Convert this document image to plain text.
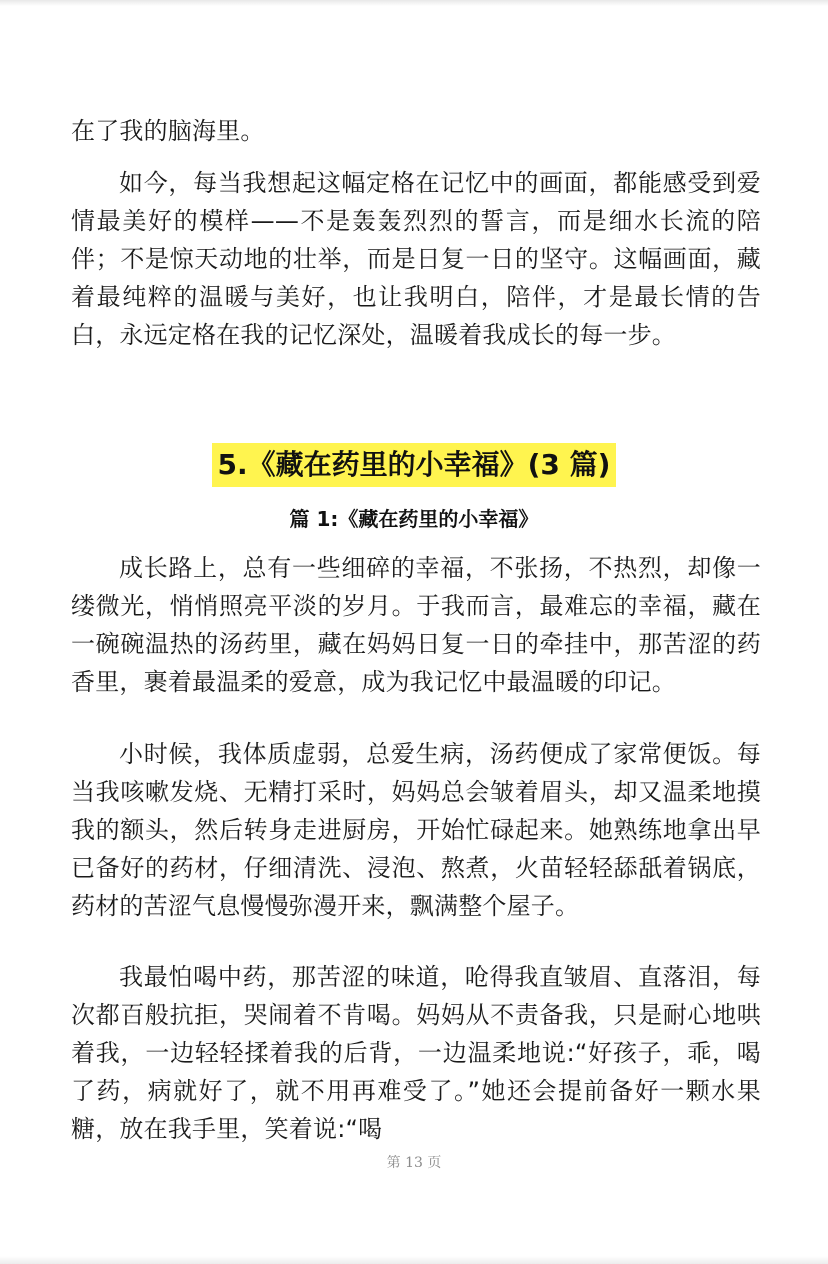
在了我的脑海里。

如今，每当我想起这幅定格在记忆中的画面，都能感受到爱情最美好的模样——不是轰轰烈烈的誓言，而是细水长流的陪伴；不是惊天动地的壮举，而是日复一日的坚守。这幅画面，藏着最纯粹的温暖与美好，也让我明白，陪伴，才是最长情的告白，永远定格在我的记忆深处，温暖着我成长的每一步。

5.《藏在药里的小幸福》(3 篇)

篇 1:《藏在药里的小幸福》

成长路上，总有一些细碎的幸福，不张扬，不热烈，却像一缕微光，悄悄照亮平淡的岁月。于我而言，最难忘的幸福，藏在一碗碗温热的汤药里，藏在妈妈日复一日的牵挂中，那苦涩的药香里，裹着最温柔的爱意，成为我记忆中最温暖的印记。

小时候，我体质虚弱，总爱生病，汤药便成了家常便饭。每当我咳嗽发烧、无精打采时，妈妈总会皱着眉头，却又温柔地摸我的额头，然后转身走进厨房，开始忙碌起来。她熟练地拿出早已备好的药材，仔细清洗、浸泡、熬煮，火苗轻轻舔舐着锅底，药材的苦涩气息慢慢弥漫开来，飘满整个屋子。

我最怕喝中药，那苦涩的味道，呛得我直皱眉、直落泪，每次都百般抗拒，哭闹着不肯喝。妈妈从不责备我，只是耐心地哄着我，一边轻轻揉着我的后背，一边温柔地说:“好孩子，乖，喝了药，病就好了，就不用再难受了。”她还会提前备好一颗水果糖，放在我手里，笑着说:“喝

第 13 页
